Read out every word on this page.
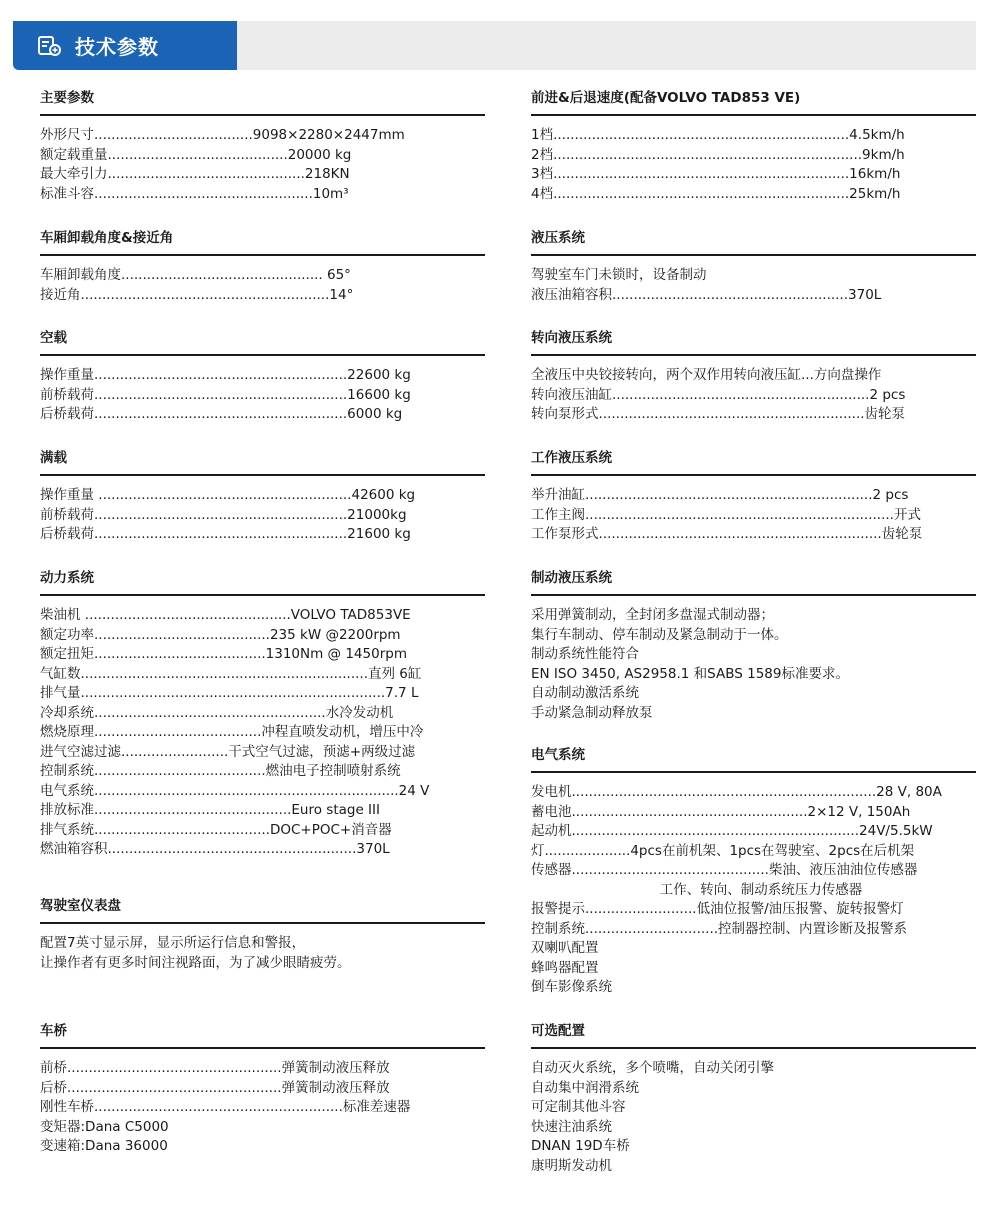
技术参数
主要参数
外形尺寸.....................................9098×2280×2447mm
额定载重量..........................................20000 kg
最大牵引力..............................................218KN
标准斗容...................................................10m³
车厢卸载角度&接近角
车厢卸载角度............................................... 65°
接近角..........................................................14°
空载
操作重量...........................................................22600 kg
前桥载荷...........................................................16600 kg
后桥载荷...........................................................6000 kg
满载
操作重量 ...........................................................42600 kg
前桥载荷...........................................................21000kg
后桥载荷...........................................................21600 kg
动力系统
柴油机 ................................................VOLVO TAD853VE
额定功率.........................................235 kW @2200rpm
额定扭矩........................................1310Nm @ 1450rpm
气缸数...................................................................直列 6缸
排气量.......................................................................7.7 L
冷却系统......................................................水冷发动机
燃烧原理.......................................冲程直喷发动机，增压中冷
进气空滤过滤.........................干式空气过滤，预滤+两级过滤
控制系统........................................燃油电子控制喷射系统
电气系统.......................................................................24 V
排放标准..............................................Euro stage III
排气系统.........................................DOC+POC+消音器
燃油箱容积..........................................................370L
驾驶室仪表盘
配置7英寸显示屏，显示所运行信息和警报，
让操作者有更多时间注视路面，为了减少眼睛疲劳。
车桥
前桥..................................................弹簧制动液压释放
后桥..................................................弹簧制动液压释放
刚性车桥..........................................................标准差速器
变矩器:Dana C5000
变速箱:Dana 36000
前进&后退速度(配备VOLVO TAD853 VE)
1档.....................................................................4.5km/h
2档........................................................................9km/h
3档.....................................................................16km/h
4档.....................................................................25km/h
液压系统
驾驶室车门未锁时，设备制动
液压油箱容积.......................................................370L
转向液压系统
全液压中央铰接转向，两个双作用转向液压缸...方向盘操作
转向液压油缸............................................................2 pcs
转向泵形式..............................................................齿轮泵
工作液压系统
举升油缸...................................................................2 pcs
工作主阀........................................................................开式
工作泵形式..................................................................齿轮泵
制动液压系统
采用弹簧制动，全封闭多盘湿式制动器；
集行车制动、停车制动及紧急制动于一体。
制动系统性能符合
EN ISO 3450, AS2958.1 和SABS 1589标准要求。
自动制动激活系统
手动紧急制动释放泵
电气系统
发电机.......................................................................28 V, 80A
蓄电池.......................................................2×12 V, 150Ah
起动机...................................................................24V/5.5kW
灯....................4pcs在前机架、1pcs在驾驶室、2pcs在后机架
传感器..............................................柴油、液压油油位传感器
工作、转向、制动系统压力传感器
报警提示..........................低油位报警/油压报警、旋转报警灯
控制系统...............................控制器控制、内置诊断及报警系
双喇叭配置
蜂鸣器配置
倒车影像系统
可选配置
自动灭火系统，多个喷嘴，自动关闭引擎
自动集中润滑系统
可定制其他斗容
快速注油系统
DNAN 19D车桥
康明斯发动机
